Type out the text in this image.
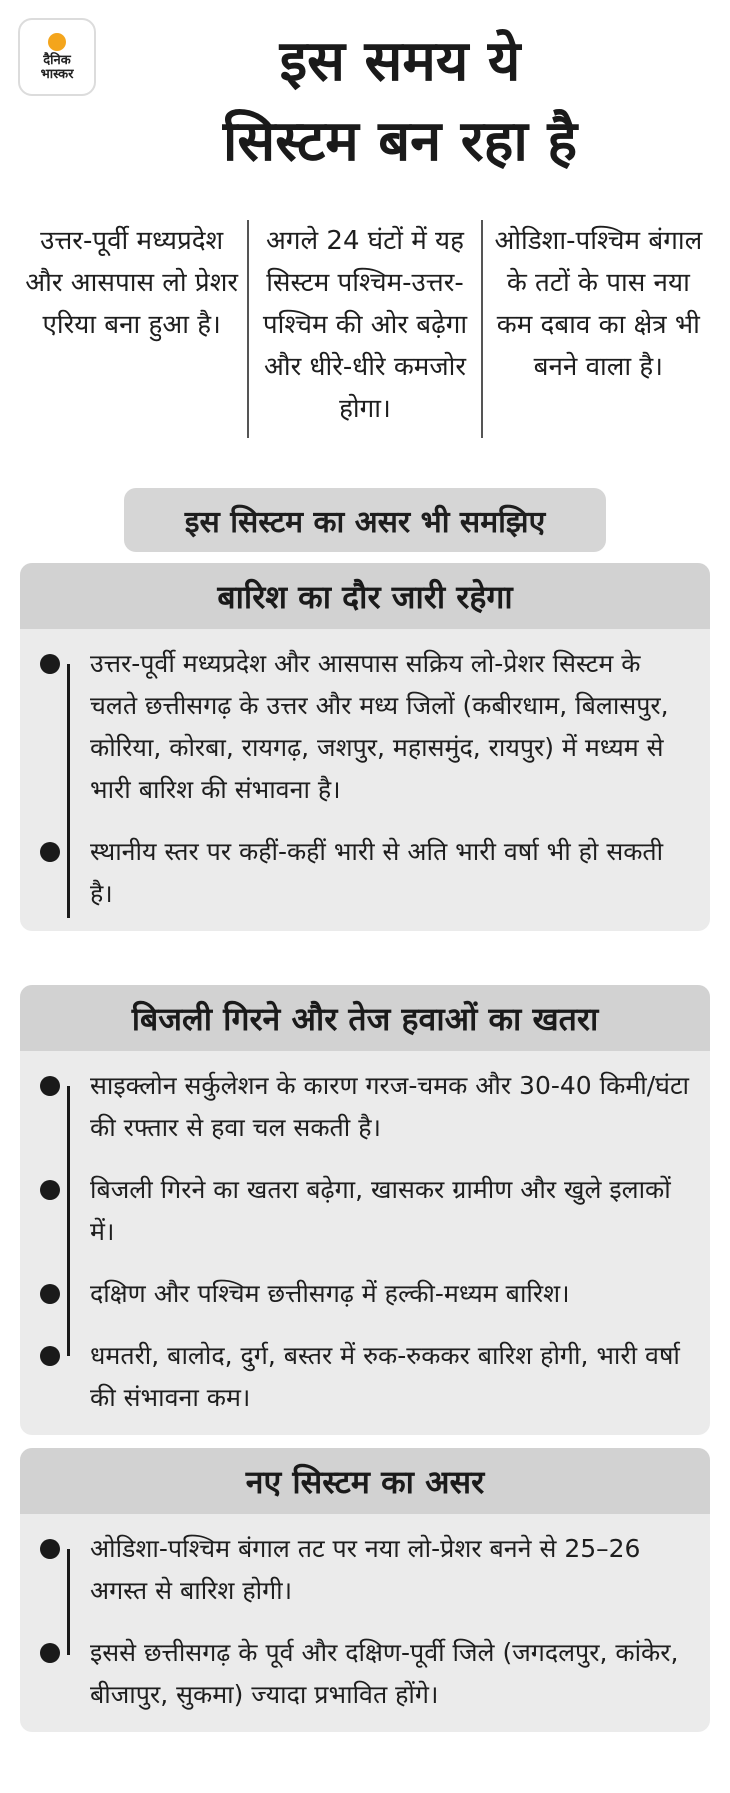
दैनिक
भास्कर	इस समय ये
सिस्टम बन रहा है
उत्तर-पूर्वी मध्यप्रदेश और आसपास लो प्रेशर एरिया बना हुआ है।
अगले 24 घंटों में यह सिस्टम पश्चिम-उत्तर-पश्चिम की ओर बढ़ेगा और धीरे-धीरे कमजोर होगा।
ओडिशा-पश्चिम बंगाल के तटों के पास नया कम दबाव का क्षेत्र भी बनने वाला है।
इस सिस्टम का असर भी समझिए
बारिश का दौर जारी रहेगा
उत्तर-पूर्वी मध्यप्रदेश और आसपास सक्रिय लो-प्रेशर सिस्टम के चलते छत्तीसगढ़ के उत्तर और मध्य जिलों (कबीरधाम, बिलासपुर, कोरिया, कोरबा, रायगढ़, जशपुर, महासमुंद, रायपुर) में मध्यम से भारी बारिश की संभावना है।
स्थानीय स्तर पर कहीं-कहीं भारी से अति भारी वर्षा भी हो सकती है।
बिजली गिरने और तेज हवाओं का खतरा
साइक्लोन सर्कुलेशन के कारण गरज-चमक और 30-40 किमी/घंटा की रफ्तार से हवा चल सकती है।
बिजली गिरने का खतरा बढ़ेगा, खासकर ग्रामीण और खुले इलाकों में।
दक्षिण और पश्चिम छत्तीसगढ़ में हल्की-मध्यम बारिश।
धमतरी, बालोद, दुर्ग, बस्तर में रुक-रुककर बारिश होगी, भारी वर्षा की संभावना कम।
नए सिस्टम का असर
ओडिशा-पश्चिम बंगाल तट पर नया लो-प्रेशर बनने से 25–26 अगस्त से बारिश होगी।
इससे छत्तीसगढ़ के पूर्व और दक्षिण-पूर्वी जिले (जगदलपुर, कांकेर, बीजापुर, सुकमा) ज्यादा प्रभावित होंगे।
